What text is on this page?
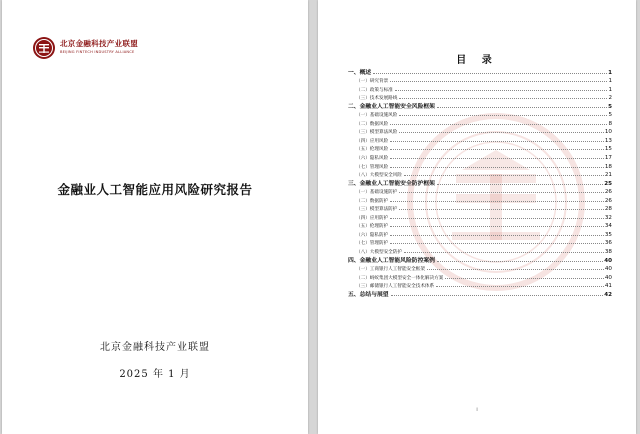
北京金融科技产业联盟
BEIJING FINTECH INDUSTRY ALLIANCE
金融业人工智能应用风险研究报告
北京金融科技产业联盟
2025 年 1 月
目 录
一、概述	1
（一）研究背景	1
（二）政策与标准	1
（三）技术发展路线	2
二、金融业人工智能安全风险框架	5
（一）基础设施风险	5
（二）数据风险	8
（三）模型算法风险	10
（四）应用风险	13
（五）伦理风险	15
（六）隐私风险	17
（七）管理风险	18
（八）大模型安全风险	21
三、金融业人工智能安全防护框架	25
（一）基础设施防护	26
（二）数据防护	26
（三）模型算法防护	28
（四）应用防护	32
（五）伦理防护	34
（六）隐私防护	35
（七）管理防护	36
（八）大模型安全防护	38
四、金融业人工智能风险防控案例	40
（一）工商银行人工智能安全框架	40
（二）蚂蚁集团大模型安全一体化解决方案	40
（三）邮储银行人工智能安全技术体系	41
五、总结与展望	42
I
